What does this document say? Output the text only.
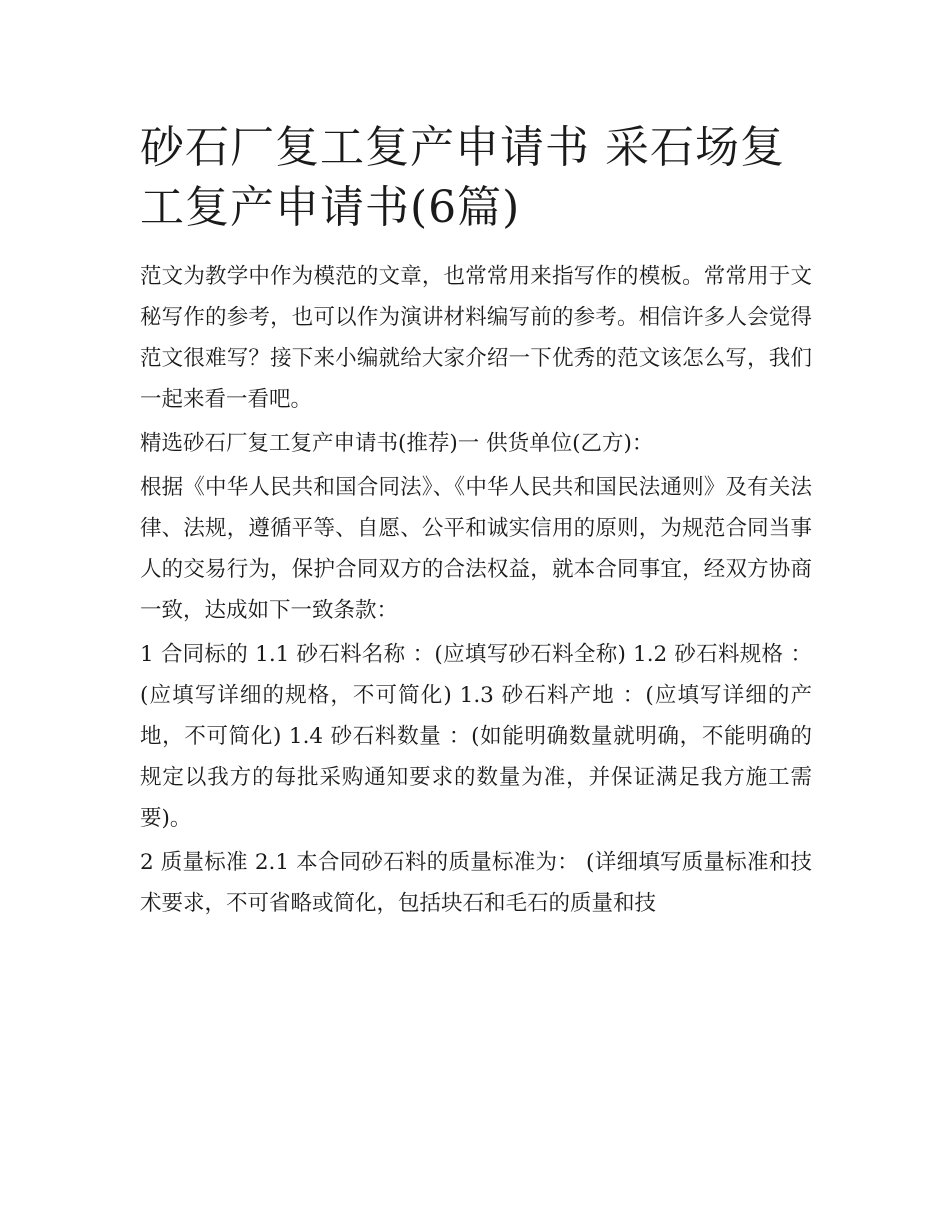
砂石厂复工复产申请书 采石场复工复产申请书(6篇)

范文为教学中作为模范的文章，也常常用来指写作的模板。常常用于文秘写作的参考，也可以作为演讲材料编写前的参考。相信许多人会觉得范文很难写？接下来小编就给大家介绍一下优秀的范文该怎么写，我们一起来看一看吧。

精选砂石厂复工复产申请书(推荐)一 供货单位(乙方)：

根据《中华人民共和国合同法》、《中华人民共和国民法通则》及有关法律、法规，遵循平等、自愿、公平和诚实信用的原则，为规范合同当事人的交易行为，保护合同双方的合法权益，就本合同事宜，经双方协商一致，达成如下一致条款：

1 合同标的 1.1 砂石料名称 ：(应填写砂石料全称) 1.2 砂石料规格 ：(应填写详细的规格，不可简化) 1.3 砂石料产地 ：(应填写详细的产地，不可简化) 1.4 砂石料数量 ：(如能明确数量就明确，不能明确的规定以我方的每批采购通知要求的数量为准，并保证满足我方施工需要)。

2 质量标准 2.1 本合同砂石料的质量标准为： (详细填写质量标准和技术要求，不可省略或简化，包括块石和毛石的质量和技
